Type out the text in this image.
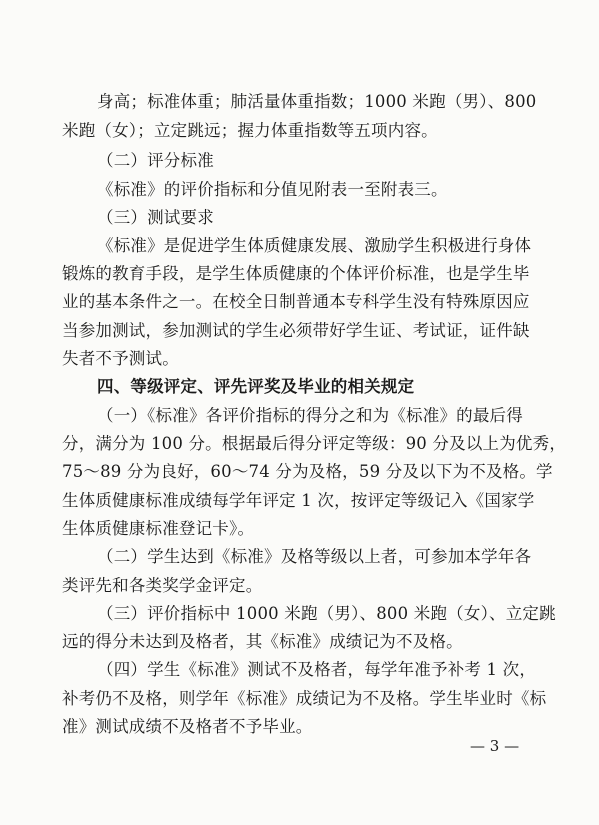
身高；标准体重；肺活量体重指数；1000 米跑（男）、800
米跑（女）；立定跳远；握力体重指数等五项内容。
（二）评分标准
《标准》的评价指标和分值见附表一至附表三。
（三）测试要求
《标准》是促进学生体质健康发展、激励学生积极进行身体
锻炼的教育手段，是学生体质健康的个体评价标准，也是学生毕
业的基本条件之一。在校全日制普通本专科学生没有特殊原因应
当参加测试，参加测试的学生必须带好学生证、考试证，证件缺
失者不予测试。
四、等级评定、评先评奖及毕业的相关规定
（一）《标准》各评价指标的得分之和为《标准》的最后得
分，满分为 100 分。根据最后得分评定等级：90 分及以上为优秀，
75～89 分为良好，60～74 分为及格，59 分及以下为不及格。学
生体质健康标准成绩每学年评定 1 次，按评定等级记入《国家学
生体质健康标准登记卡》。
（二）学生达到《标准》及格等级以上者，可参加本学年各
类评先和各类奖学金评定。
（三）评价指标中 1000 米跑（男）、800 米跑（女）、立定跳
远的得分未达到及格者，其《标准》成绩记为不及格。
（四）学生《标准》测试不及格者，每学年准予补考 1 次，
补考仍不及格，则学年《标准》成绩记为不及格。学生毕业时《标
准》测试成绩不及格者不予毕业。
— 3 —
